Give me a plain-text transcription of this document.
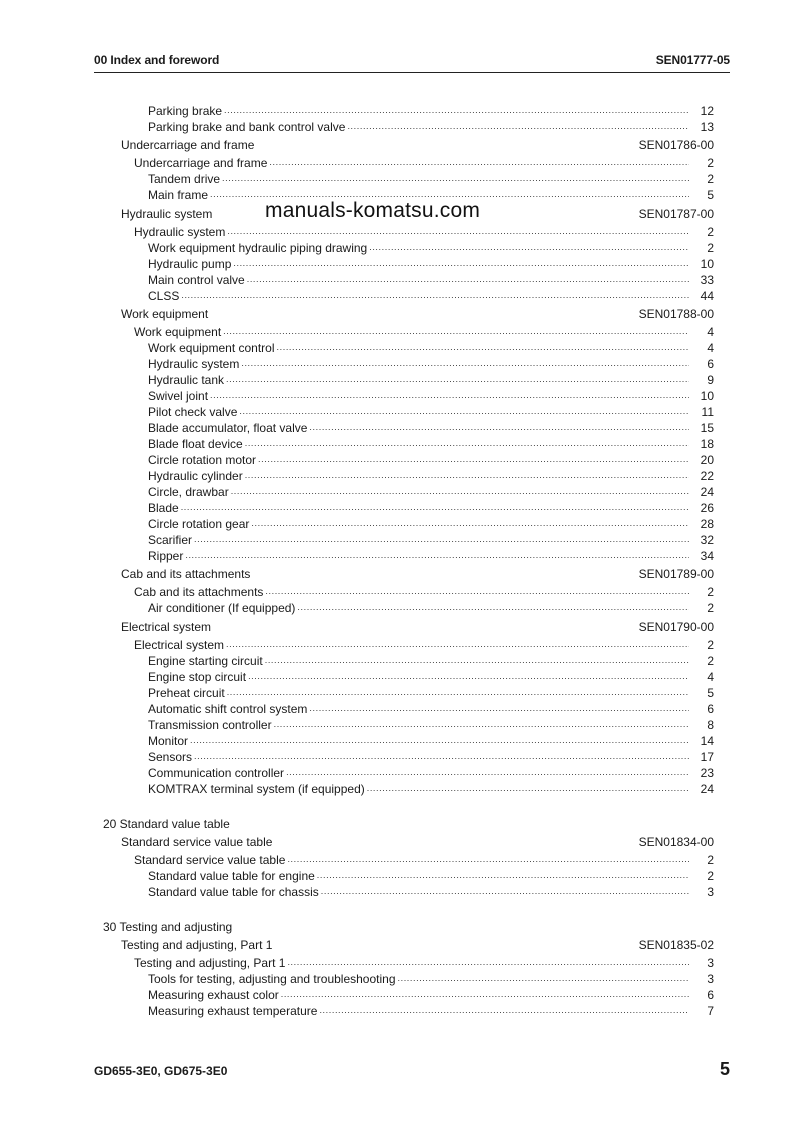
00 Index and foreword	SEN01777-05
manuals-komatsu.com
Parking brake .....	12
Parking brake and bank control valve .....	13
Undercarriage and frame	SEN01786-00
Undercarriage and frame .....	2
Tandem drive .....	2
Main frame .....	5
Hydraulic system	SEN01787-00
Hydraulic system .....	2
Work equipment hydraulic piping drawing .....	2
Hydraulic pump .....	10
Main control valve .....	33
CLSS .....	44
Work equipment	SEN01788-00
Work equipment .....	4
Work equipment control .....	4
Hydraulic system .....	6
Hydraulic tank .....	9
Swivel joint .....	10
Pilot check valve .....	11
Blade accumulator, float valve .....	15
Blade float device .....	18
Circle rotation motor .....	20
Hydraulic cylinder .....	22
Circle, drawbar .....	24
Blade .....	26
Circle rotation gear .....	28
Scarifier .....	32
Ripper .....	34
Cab and its attachments	SEN01789-00
Cab and its attachments .....	2
Air conditioner (If equipped) .....	2
Electrical system	SEN01790-00
Electrical system .....	2
Engine starting circuit .....	2
Engine stop circuit .....	4
Preheat circuit .....	5
Automatic shift control system .....	6
Transmission controller .....	8
Monitor .....	14
Sensors .....	17
Communication controller .....	23
KOMTRAX terminal system (if equipped) .....	24
20 Standard value table
Standard service value table	SEN01834-00
Standard service value table .....	2
Standard value table for engine .....	2
Standard value table for chassis .....	3
30 Testing and adjusting
Testing and adjusting, Part 1	SEN01835-02
Testing and adjusting, Part 1 .....	3
Tools for testing, adjusting and troubleshooting .....	3
Measuring exhaust color .....	6
Measuring exhaust temperature .....	7
GD655-3E0, GD675-3E0	5
